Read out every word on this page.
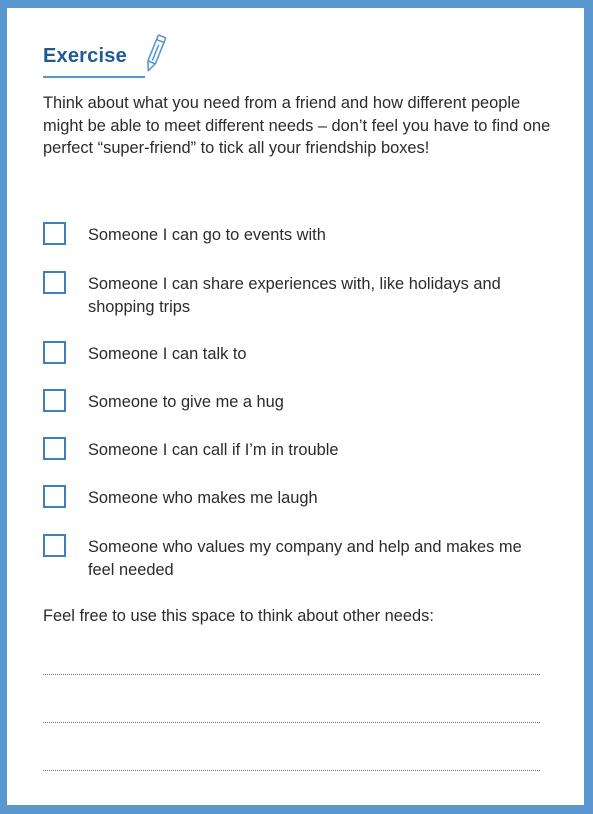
Exercise
Think about what you need from a friend and how different people might be able to meet different needs – don’t feel you have to find one perfect “super-friend” to tick all your friendship boxes!
Someone I can go to events with
Someone I can share experiences with, like holidays and shopping trips
Someone I can talk to
Someone to give me a hug
Someone I can call if I’m in trouble
Someone who makes me laugh
Someone who values my company and help and makes me feel needed
Feel free to use this space to think about other needs:
